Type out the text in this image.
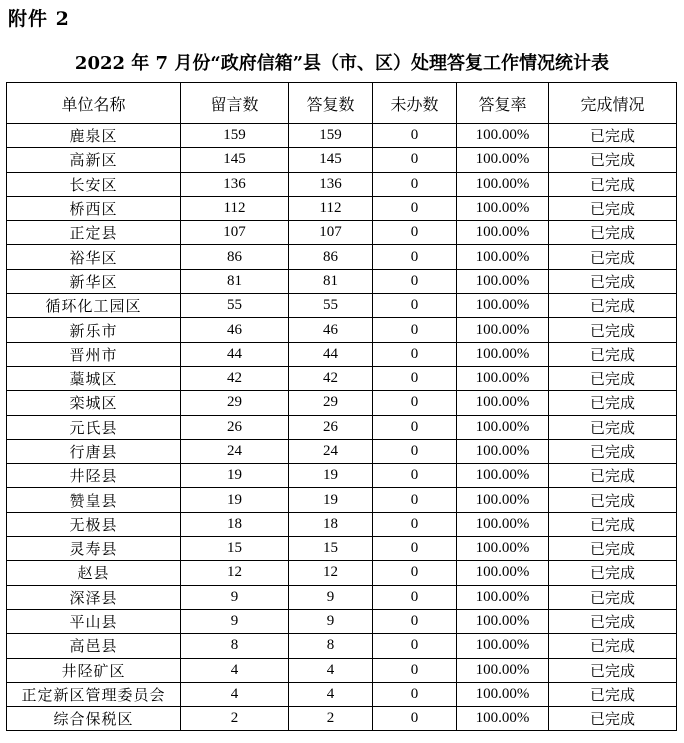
附件 2
2022 年 7 月份“政府信箱”县（市、区）处理答复工作情况统计表
单位名称	留言数	答复数	未办数	答复率	完成情况
鹿泉区	159	159	0	100.00%	已完成
高新区	145	145	0	100.00%	已完成
长安区	136	136	0	100.00%	已完成
桥西区	112	112	0	100.00%	已完成
正定县	107	107	0	100.00%	已完成
裕华区	86	86	0	100.00%	已完成
新华区	81	81	0	100.00%	已完成
循环化工园区	55	55	0	100.00%	已完成
新乐市	46	46	0	100.00%	已完成
晋州市	44	44	0	100.00%	已完成
藁城区	42	42	0	100.00%	已完成
栾城区	29	29	0	100.00%	已完成
元氏县	26	26	0	100.00%	已完成
行唐县	24	24	0	100.00%	已完成
井陉县	19	19	0	100.00%	已完成
赞皇县	19	19	0	100.00%	已完成
无极县	18	18	0	100.00%	已完成
灵寿县	15	15	0	100.00%	已完成
赵县	12	12	0	100.00%	已完成
深泽县	9	9	0	100.00%	已完成
平山县	9	9	0	100.00%	已完成
高邑县	8	8	0	100.00%	已完成
井陉矿区	4	4	0	100.00%	已完成
正定新区管理委员会	4	4	0	100.00%	已完成
综合保税区	2	2	0	100.00%	已完成
